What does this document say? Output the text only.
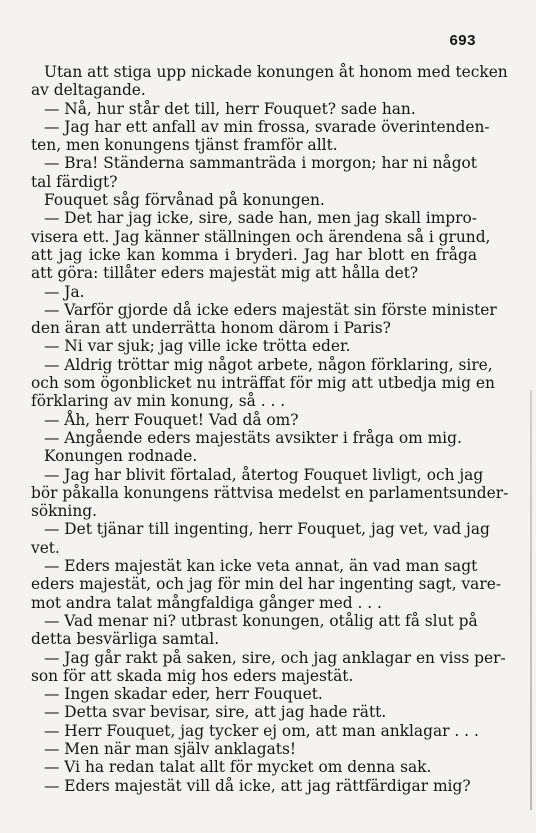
693
Utan att stiga upp nickade konungen åt honom med tecken
av deltagande.
— Nå, hur står det till, herr Fouquet? sade han.
— Jag har ett anfall av min frossa, svarade överintenden-
ten, men konungens tjänst framför allt.
— Bra! Ständerna sammanträda i morgon; har ni något
tal färdigt?
Fouquet såg förvånad på konungen.
— Det har jag icke, sire, sade han, men jag skall impro-
visera ett. Jag känner ställningen och ärendena så i grund,
att jag icke kan komma i bryderi. Jag har blott en fråga
att göra: tillåter eders majestät mig att hålla det?
— Ja.
— Varför gjorde då icke eders majestät sin förste minister
den äran att underrätta honom därom i Paris?
— Ni var sjuk; jag ville icke trötta eder.
— Aldrig tröttar mig något arbete, någon förklaring, sire,
och som ögonblicket nu inträffat för mig att utbedja mig en
förklaring av min konung, så . . .
— Åh, herr Fouquet! Vad då om?
— Angående eders majestäts avsikter i fråga om mig.
Konungen rodnade.
— Jag har blivit förtalad, återtog Fouquet livligt, och jag
bör påkalla konungens rättvisa medelst en parlamentsunder-
sökning.
— Det tjänar till ingenting, herr Fouquet, jag vet, vad jag
vet.
— Eders majestät kan icke veta annat, än vad man sagt
eders majestät, och jag för min del har ingenting sagt, vare-
mot andra talat mångfaldiga gånger med . . .
— Vad menar ni? utbrast konungen, otålig att få slut på
detta besvärliga samtal.
— Jag går rakt på saken, sire, och jag anklagar en viss per-
son för att skada mig hos eders majestät.
— Ingen skadar eder, herr Fouquet.
— Detta svar bevisar, sire, att jag hade rätt.
— Herr Fouquet, jag tycker ej om, att man anklagar . . .
— Men när man själv anklagats!
— Vi ha redan talat allt för mycket om denna sak.
— Eders majestät vill då icke, att jag rättfärdigar mig?
